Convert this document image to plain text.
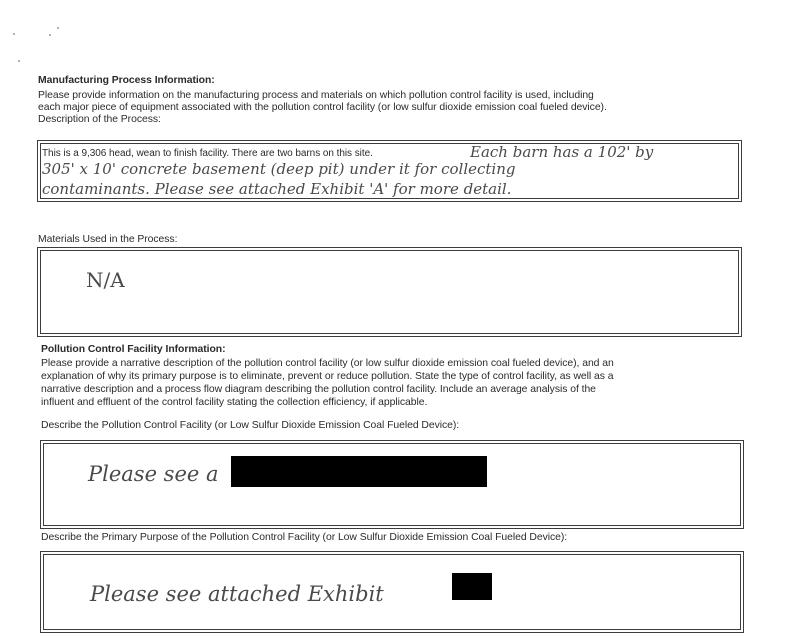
Manufacturing Process Information:
Please provide information on the manufacturing process and materials on which pollution control facility is used, including
each major piece of equipment associated with the pollution control facility (or low sulfur dioxide emission coal fueled device).
Description of the Process:
This is a 9,306 head, wean to finish facility. There are two barns on this site.	Each barn has a 102' by
305' x 10' concrete basement (deep pit) under it for collecting
contaminants. Please see attached Exhibit 'A' for more detail.
Materials Used in the Process:
N/A
Pollution Control Facility Information:
Please provide a narrative description of the pollution control facility (or low sulfur dioxide emission coal fueled device), and an
explanation of why its primary purpose is to eliminate, prevent or reduce pollution. State the type of control facility, as well as a
narrative description and a process flow diagram describing the pollution control facility. Include an average analysis of the
influent and effluent of the control facility stating the collection efficiency, if applicable.
Describe the Pollution Control Facility (or Low Sulfur Dioxide Emission Coal Fueled Device):
Please see a
Describe the Primary Purpose of the Pollution Control Facility (or Low Sulfur Dioxide Emission Coal Fueled Device):
Please see attached Exhibit
